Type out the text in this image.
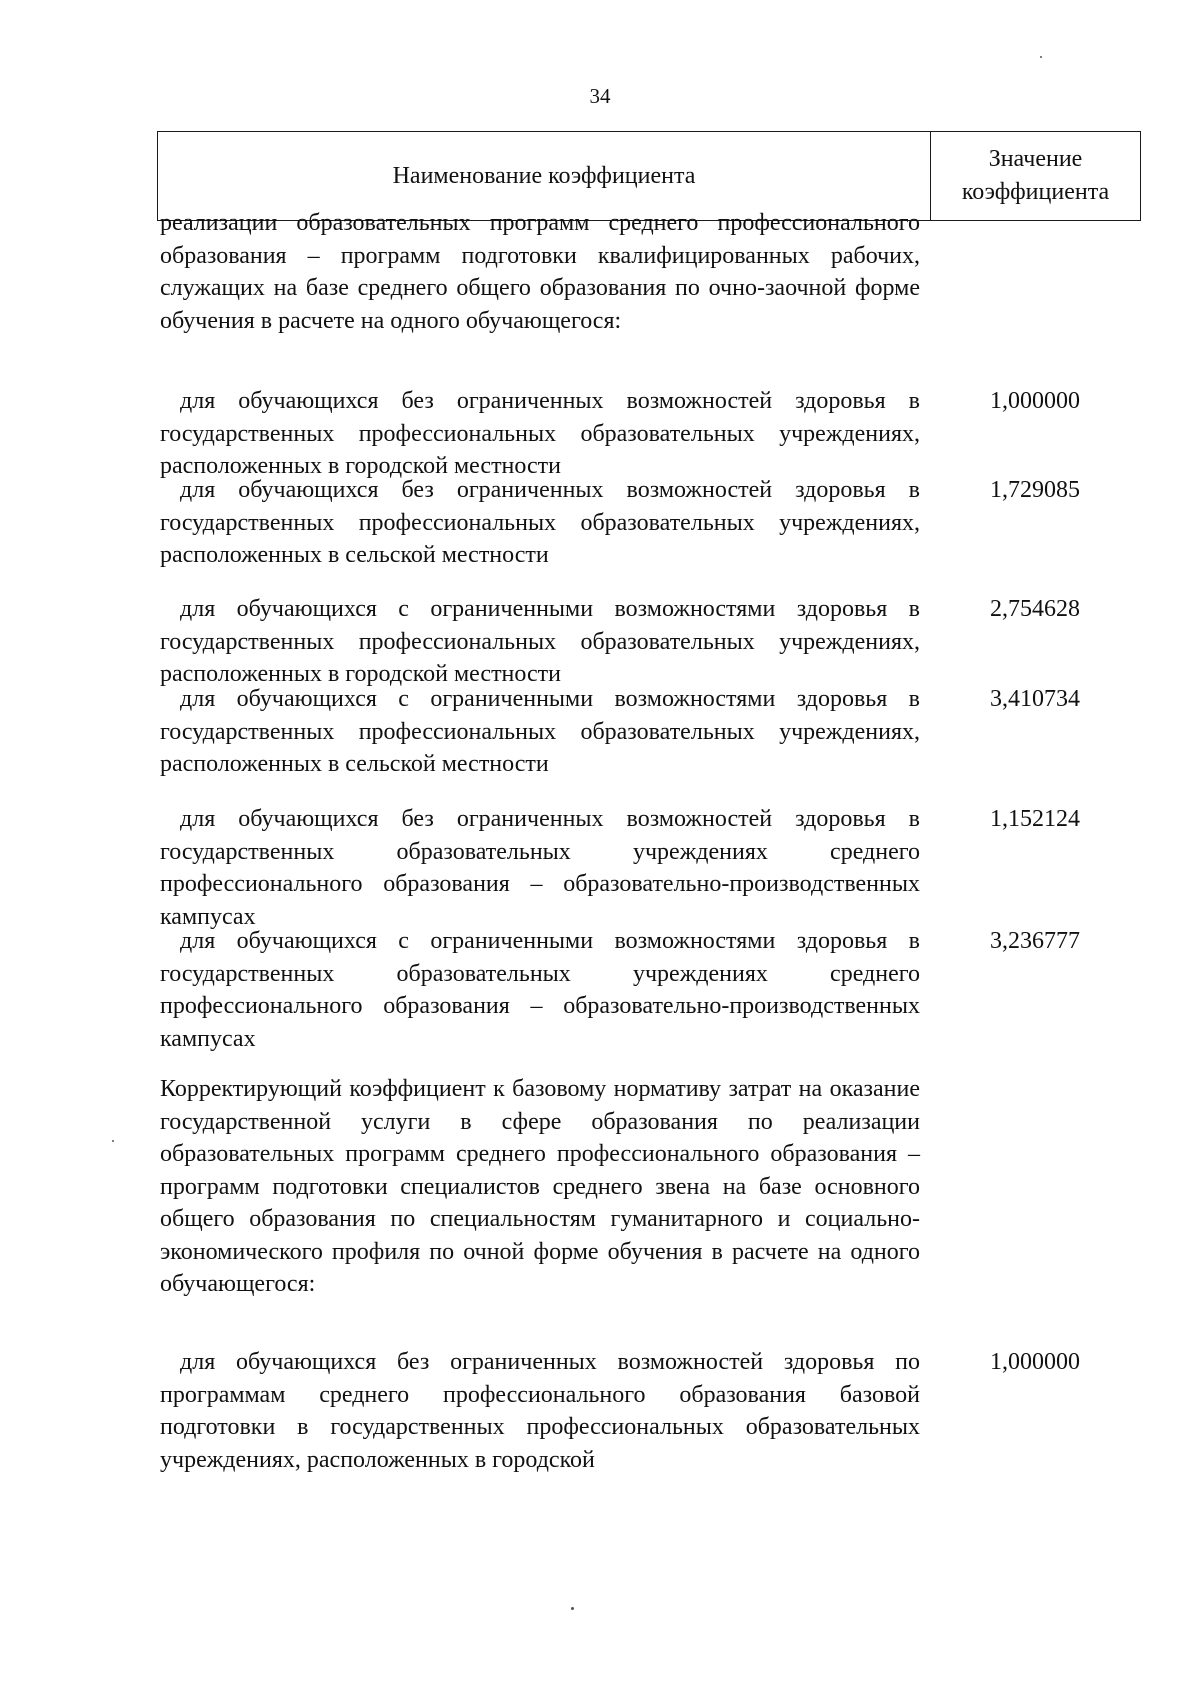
34
Наименование коэффициента
Значение коэффициента
реализации образовательных программ среднего профессионального образования – программ подготовки квалифицированных рабочих, служащих на базе среднего общего образования по очно-заочной форме обучения в расчете на одного обучающегося:
для обучающихся без ограниченных возможностей здоровья в государственных профессиональных образовательных учреждениях, расположенных в городской местности
1,000000
для обучающихся без ограниченных возможностей здоровья в государственных профессиональных образовательных учреждениях, расположенных в сельской местности
1,729085
для обучающихся с ограниченными возможностями здоровья в государственных профессиональных образовательных учреждениях, расположенных в городской местности
2,754628
для обучающихся с ограниченными возможностями здоровья в государственных профессиональных образовательных учреждениях, расположенных в сельской местности
3,410734
для обучающихся без ограниченных возможностей здоровья в государственных образовательных учреждениях среднего профессионального образования – образовательно-производственных кампусах
1,152124
для обучающихся с ограниченными возможностями здоровья в государственных образовательных учреждениях среднего профессионального образования – образовательно-производственных кампусах
3,236777
Корректирующий коэффициент к базовому нормативу затрат на оказание государственной услуги в сфере образования по реализации образовательных программ среднего профессионального образования – программ подготовки специалистов среднего звена на базе основного общего образования по специальностям гуманитарного и социально-экономического профиля по очной форме обучения в расчете на одного обучающегося:
для обучающихся без ограниченных возможностей здоровья по программам среднего профессионального образования базовой подготовки в государственных профессиональных образовательных учреждениях, расположенных в городской
1,000000
